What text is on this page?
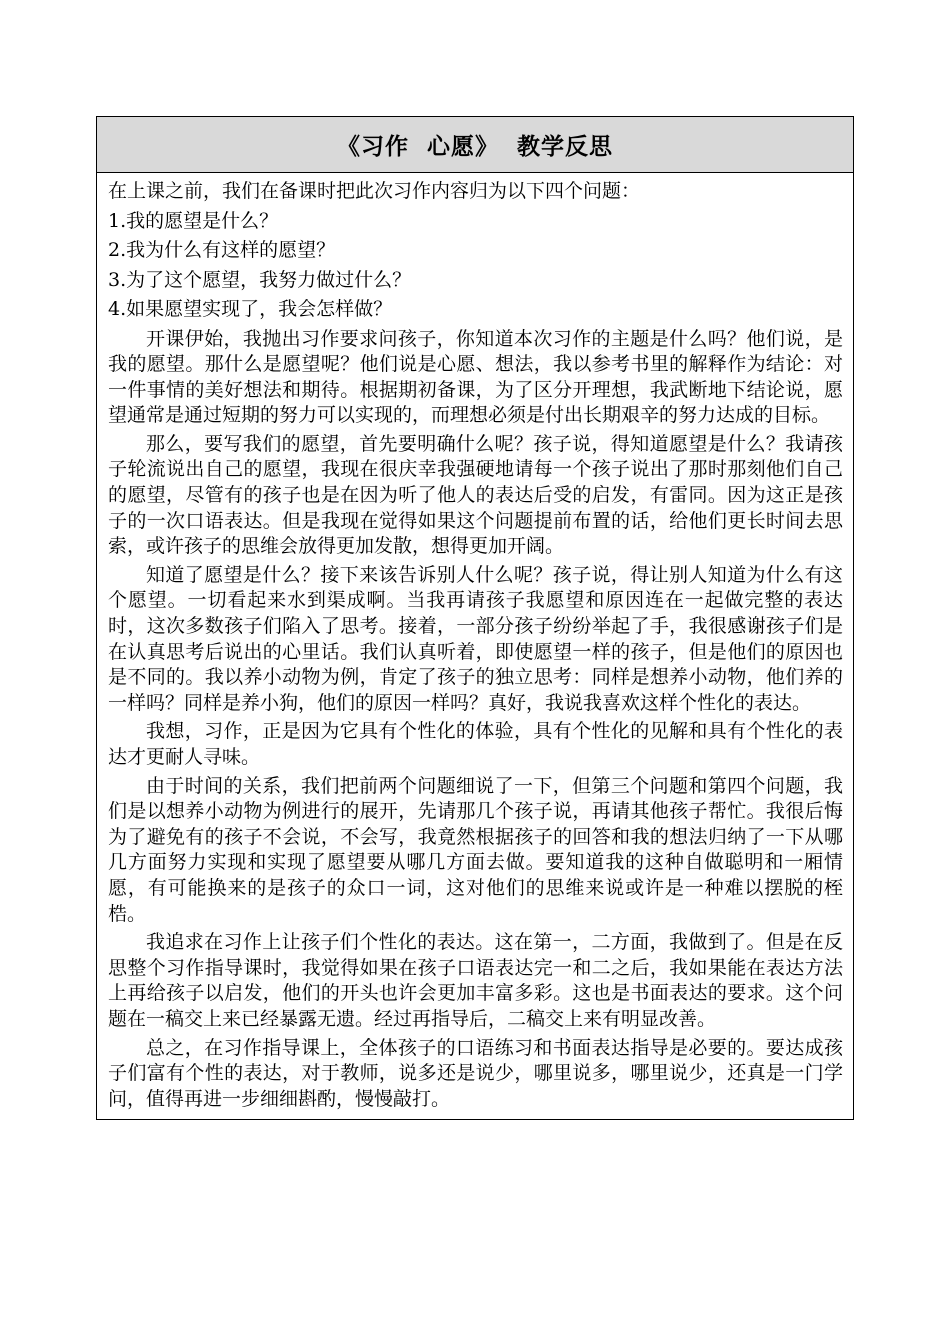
《习作  心愿》  教学反思

在上课之前，我们在备课时把此次习作内容归为以下四个问题：

1.我的愿望是什么？

2.我为什么有这样的愿望？

3.为了这个愿望，我努力做过什么？

4.如果愿望实现了，我会怎样做？

开课伊始，我抛出习作要求问孩子，你知道本次习作的主题是什么吗？他们说，是我的愿望。那什么是愿望呢？他们说是心愿、想法，我以参考书里的解释作为结论：对一件事情的美好想法和期待。根据期初备课，为了区分开理想，我武断地下结论说，愿望通常是通过短期的努力可以实现的，而理想必须是付出长期艰辛的努力达成的目标。

那么，要写我们的愿望，首先要明确什么呢？孩子说，得知道愿望是什么？我请孩子轮流说出自己的愿望，我现在很庆幸我强硬地请每一个孩子说出了那时那刻他们自己的愿望，尽管有的孩子也是在因为听了他人的表达后受的启发，有雷同。因为这正是孩子的一次口语表达。但是我现在觉得如果这个问题提前布置的话，给他们更长时间去思索，或许孩子的思维会放得更加发散，想得更加开阔。

知道了愿望是什么？接下来该告诉别人什么呢？孩子说，得让别人知道为什么有这个愿望。一切看起来水到渠成啊。当我再请孩子我愿望和原因连在一起做完整的表达时，这次多数孩子们陷入了思考。接着，一部分孩子纷纷举起了手，我很感谢孩子们是在认真思考后说出的心里话。我们认真听着，即使愿望一样的孩子，但是他们的原因也是不同的。我以养小动物为例，肯定了孩子的独立思考：同样是想养小动物，他们养的一样吗？同样是养小狗，他们的原因一样吗？真好，我说我喜欢这样个性化的表达。

我想，习作，正是因为它具有个性化的体验，具有个性化的见解和具有个性化的表达才更耐人寻味。

由于时间的关系，我们把前两个问题细说了一下，但第三个问题和第四个问题，我们是以想养小动物为例进行的展开，先请那几个孩子说，再请其他孩子帮忙。我很后悔为了避免有的孩子不会说，不会写，我竟然根据孩子的回答和我的想法归纳了一下从哪几方面努力实现和实现了愿望要从哪几方面去做。要知道我的这种自做聪明和一厢情愿，有可能换来的是孩子的众口一词，这对他们的思维来说或许是一种难以摆脱的桎梏。

我追求在习作上让孩子们个性化的表达。这在第一，二方面，我做到了。但是在反思整个习作指导课时，我觉得如果在孩子口语表达完一和二之后，我如果能在表达方法上再给孩子以启发，他们的开头也许会更加丰富多彩。这也是书面表达的要求。这个问题在一稿交上来已经暴露无遗。经过再指导后，二稿交上来有明显改善。

总之，在习作指导课上，全体孩子的口语练习和书面表达指导是必要的。要达成孩子们富有个性的表达，对于教师，说多还是说少，哪里说多，哪里说少，还真是一门学问，值得再进一步细细斟酌，慢慢敲打。
